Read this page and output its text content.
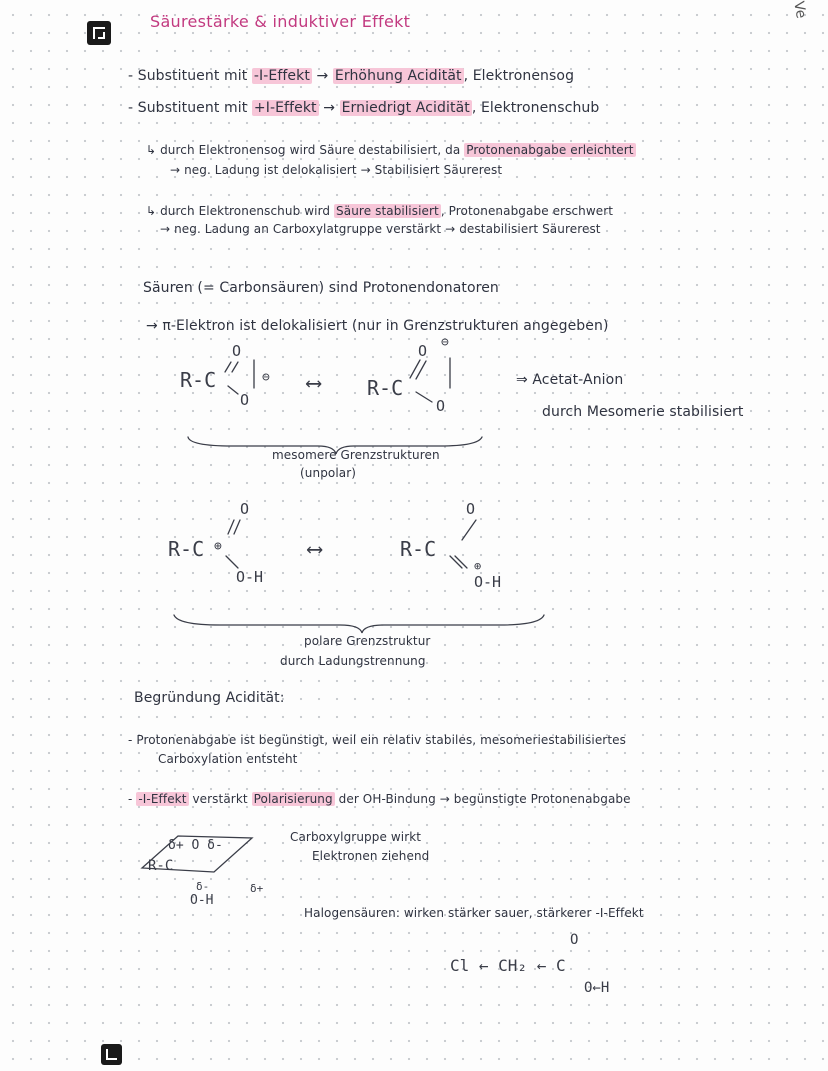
Ve
Säurestärke & induktiver Effekt
- Substituent mit -I-Effekt → Erhöhung Acidität , Elektronensog
- Substituent mit +I-Effekt → Erniedrigt Acidität , Elektronenschub
↳ durch Elektronensog wird Säure destabilisiert, da Protonenabgabe erleichtert
→ neg. Ladung ist delokalisiert → Stabilisiert Säurerest
↳ durch Elektronenschub wird Säure stabilisiert , Protonenabgabe erschwert
→ neg. Ladung an Carboxylatgruppe verstärkt → destabilisiert Säurerest
Säuren (= Carbonsäuren) sind Protonendonatoren
→ π-Elektron ist delokalisiert (nur in Grenzstrukturen angegeben)
R-C
O
O
⊖ ⟷ R-C
O ⊖
O
⇒ Acetat-Anion
durch Mesomerie stabilisiert
mesomere Grenzstrukturen
(unpolar)
R-C ⊕
O
O-H
⟷	R-C
O
O-H
⊕
polare Grenzstruktur
durch Ladungstrennung
Begründung Acidität:
- Protonenabgabe ist begünstigt, weil ein relativ stabiles, mesomeriestabilisiertes
Carboxylation entsteht
- -I-Effekt verstärkt Polarisierung der OH-Bindung → begünstigte Protonenabgabe
δ+ O δ-
R-C
δ-
O-H
δ+
Carboxylgruppe wirkt
Elektronen ziehend
Halogensäuren: wirken stärker sauer, stärkerer -I-Effekt
O
Cl ← CH₂ ← C
O←H
